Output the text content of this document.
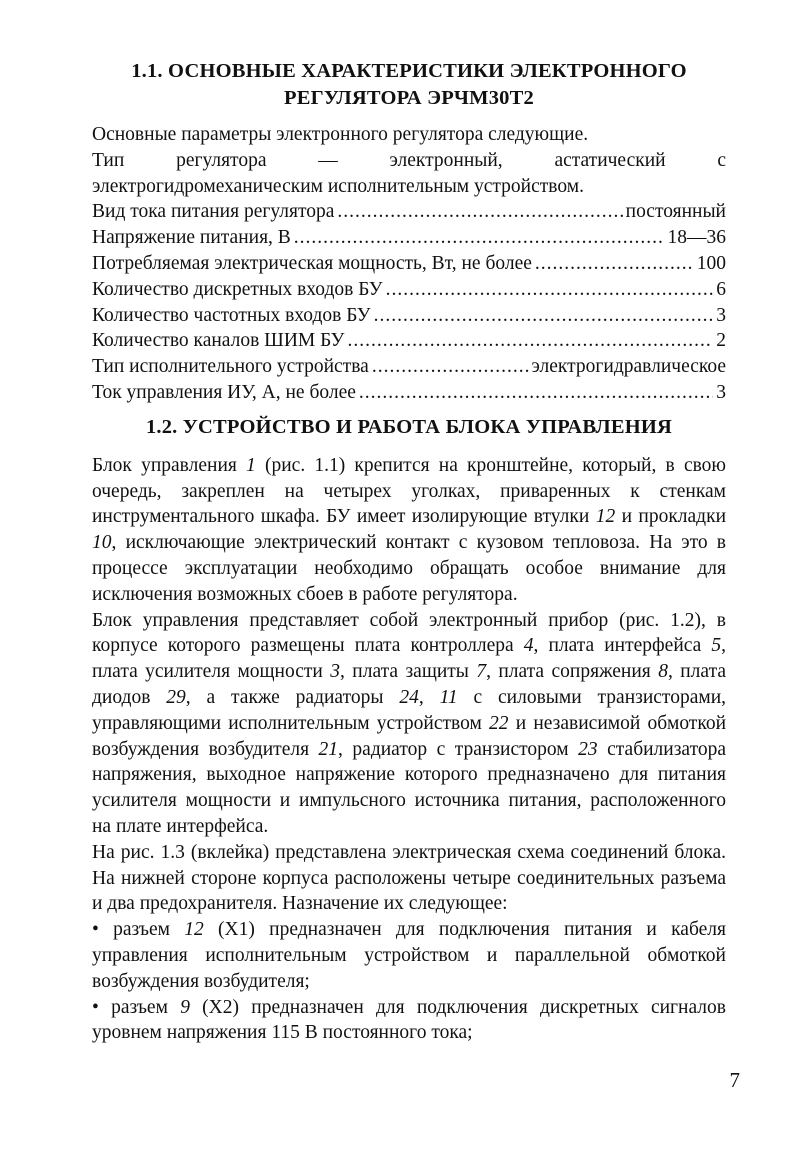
1.1. ОСНОВНЫЕ ХАРАКТЕРИСТИКИ ЭЛЕКТРОННОГО
РЕГУЛЯТОРА ЭРЧМ30Т2

Основные параметры электронного регулятора следующие.

Тип регулятора — электронный, астатический с электрогидромеханическим исполнительным устройством.

Вид тока питания регулятора .....	постоянный
Напряжение питания, В .....	18—36
Потребляемая электрическая мощность, Вт, не более .....	100
Количество дискретных входов БУ .....	6
Количество частотных входов БУ .....	3
Количество каналов ШИМ БУ .....	2
Тип исполнительного устройства .....	электрогидравлическое
Ток управления ИУ, А, не более .....	3
1.2. УСТРОЙСТВО И РАБОТА БЛОКА УПРАВЛЕНИЯ

Блок управления 1 (рис. 1.1) крепится на кронштейне, который, в свою очередь, закреплен на четырех уголках, приваренных к стенкам инструментального шкафа. БУ имеет изолирующие втулки 12 и прокладки 10, исключающие электрический контакт с кузовом тепловоза. На это в процессе эксплуатации необходимо обращать особое внимание для исключения возможных сбоев в работе регулятора.

Блок управления представляет собой электронный прибор (рис. 1.2), в корпусе которого размещены плата контроллера 4, плата интерфейса 5, плата усилителя мощности 3, плата защиты 7, плата сопряжения 8, плата диодов 29, а также радиаторы 24, 11 с силовыми транзисторами, управляющими исполнительным устройством 22 и независимой обмоткой возбуждения возбудителя 21, радиатор с транзистором 23 стабилизатора напряжения, выходное напряжение которого предназначено для питания усилителя мощности и импульсного источника питания, расположенного на плате интерфейса.

На рис. 1.3 (вклейка) представлена электрическая схема соединений блока. На нижней стороне корпуса расположены четыре соединительных разъема и два предохранителя. Назначение их следующее:

• разъем 12 (X1) предназначен для подключения питания и кабеля управления исполнительным устройством и параллельной обмоткой возбуждения возбудителя;

• разъем 9 (X2) предназначен для подключения дискретных сигналов уровнем напряжения 115 В постоянного тока;

7
